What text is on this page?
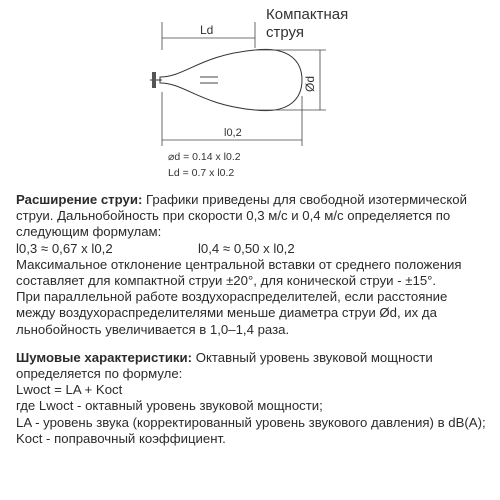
Ld
Ød
l0,2
Компактная
струя
⌀d = 0.14 x l0.2
Ld = 0.7 x l0.2

Расширение струи: Графики приведены для свободной изотермической струи. Дальнобойность при скорости 0,3 м/с и 0,4 м/с определяется по следующим формулам:

l0,3 ≈ 0,67 x l0,2	l0,4 ≈ 0,50 x l0,2

Максимальное отклонение центральной вставки от среднего положения составляет для компактной струи ±20°, для конической струи - ±15°.

При параллельной работе воздухораспределителей, если расстояние между воздухораспределителями меньше диаметра струи Ød, их да льнобойность увеличивается в 1,0–1,4 раза.

Шумовые характеристики: Октавный уровень звуковой мощности определяется по формуле:

Lwoct = LA + Koct

где Lwoct - октавный уровень звуковой мощности;

LA - уровень звука (корректированный уровень звукового давления) в dB(A);

Koct - поправочный коэффициент.
